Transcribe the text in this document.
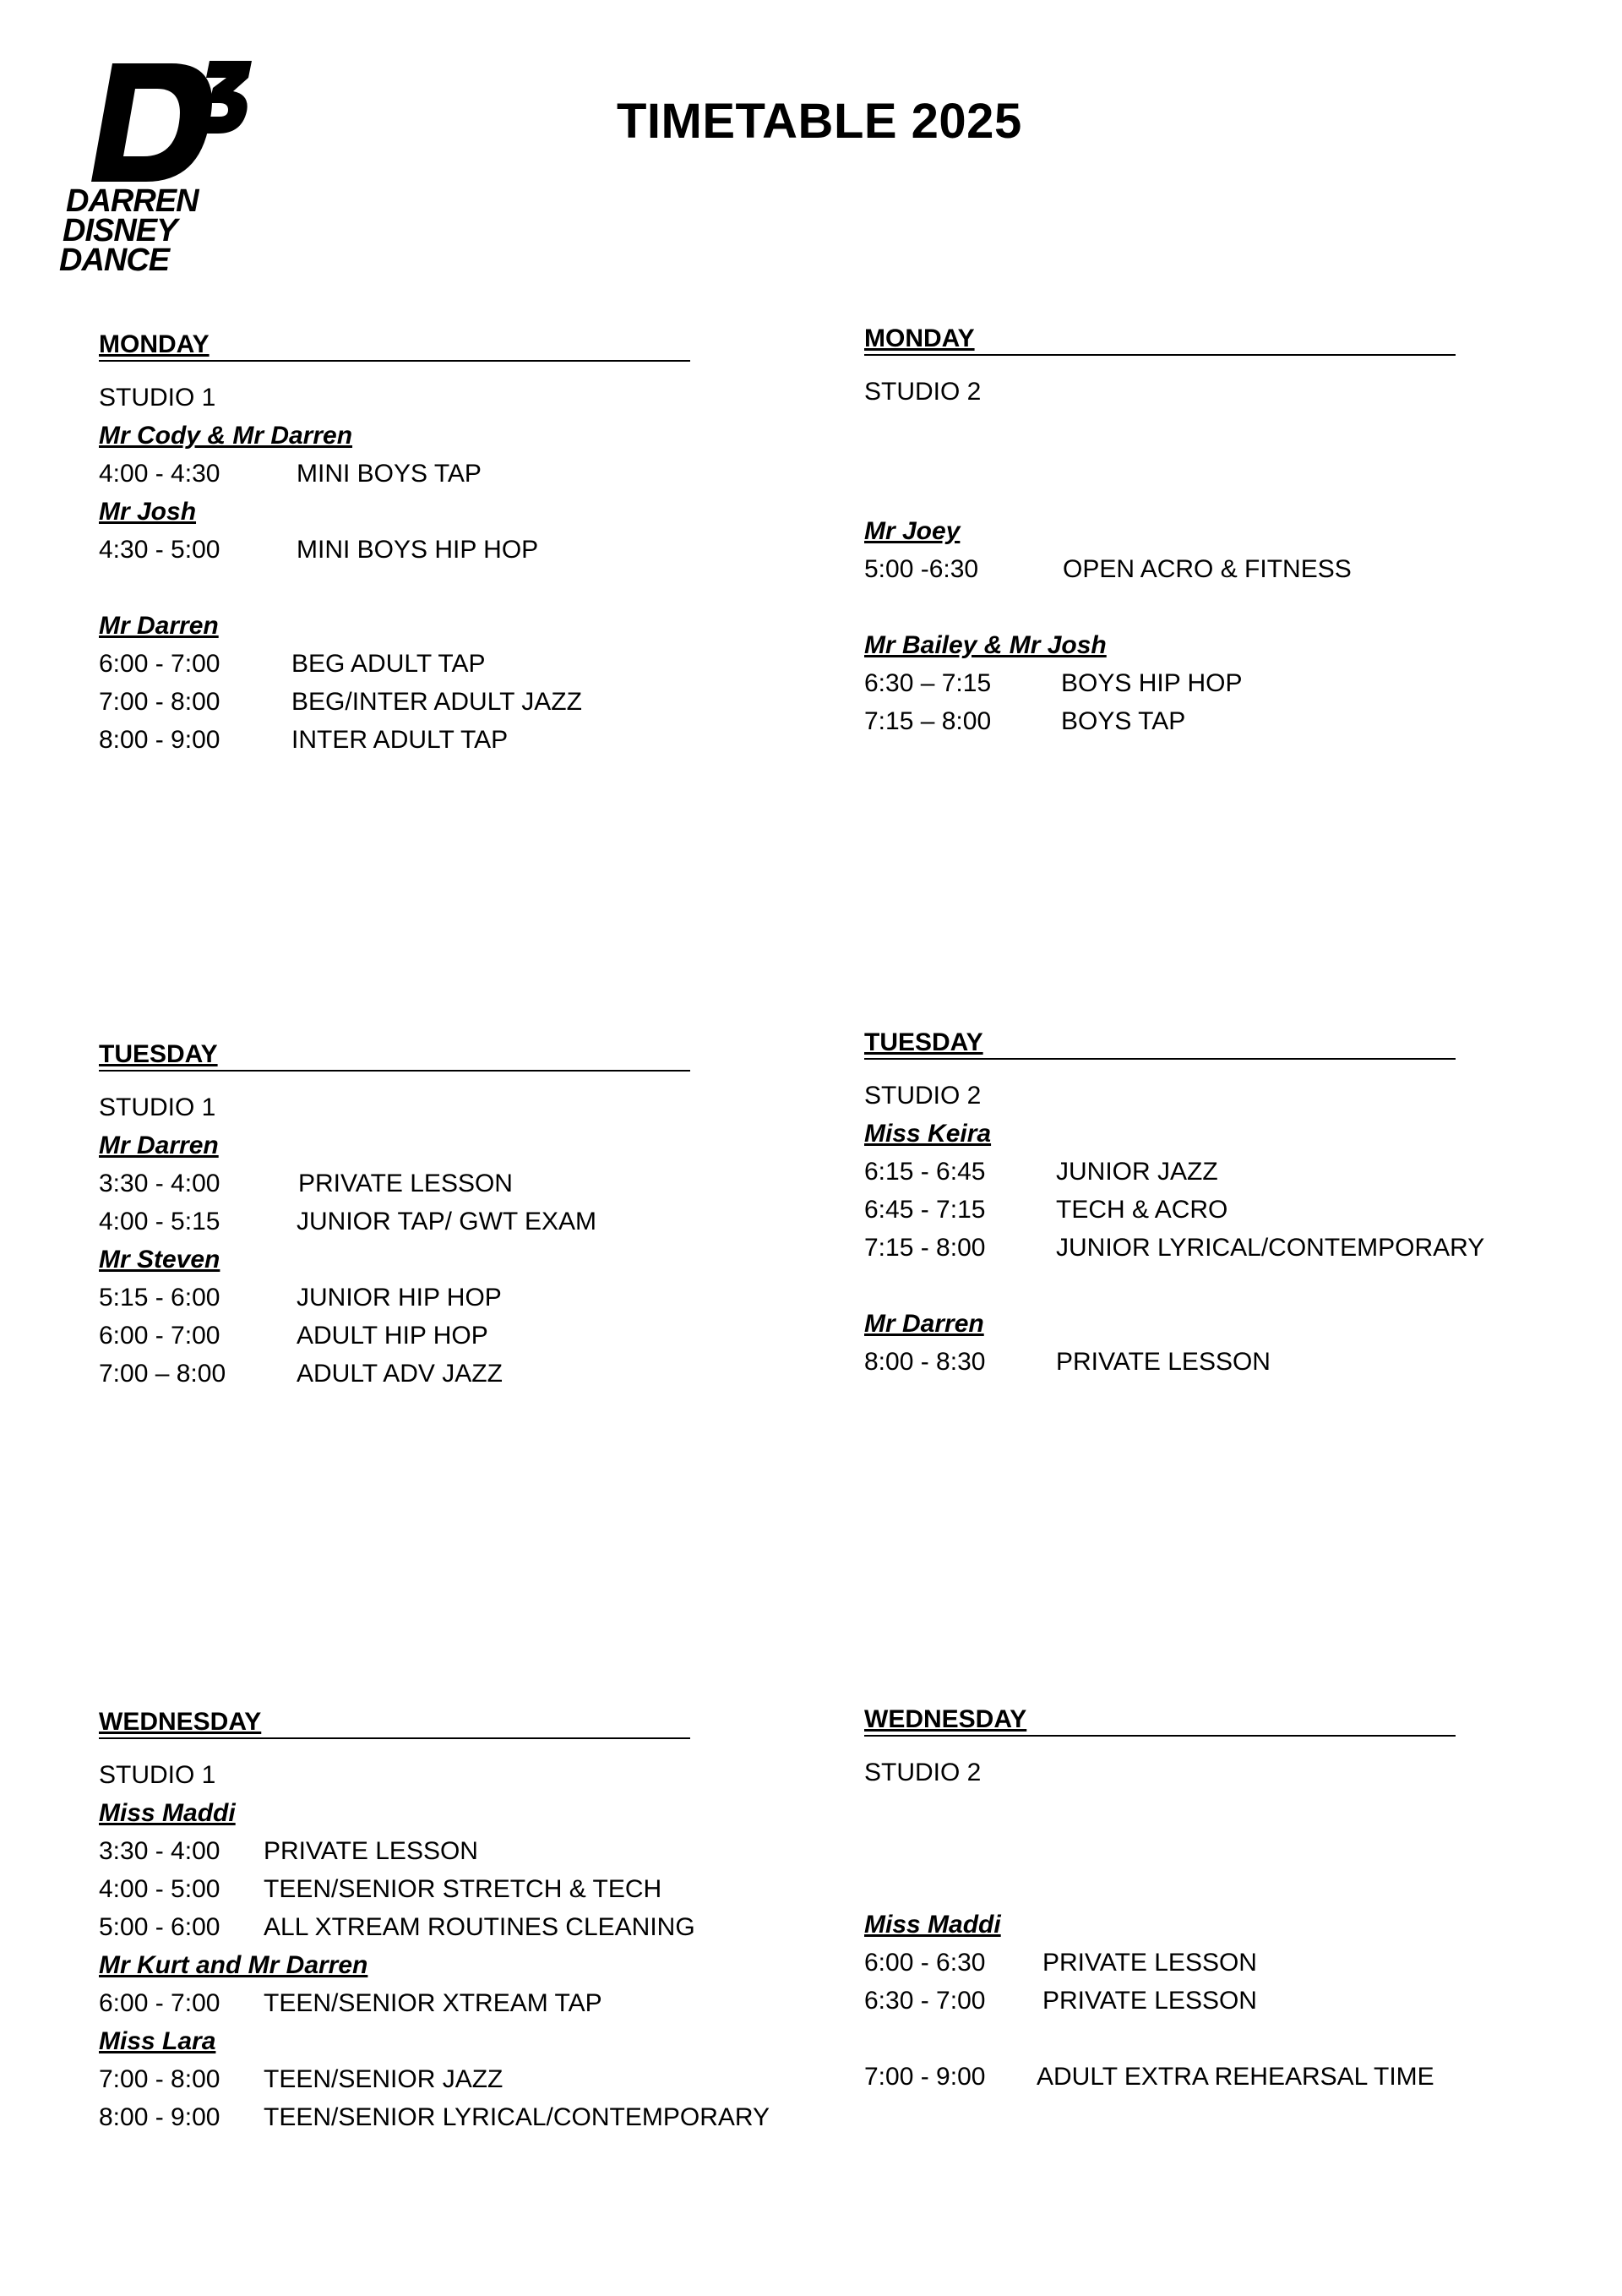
DARREN
DISNEY
DANCE
TIMETABLE 2025
MONDAY
STUDIO 1
Mr Cody & Mr Darren
4:00 - 4:30	MINI BOYS TAP
Mr Josh
4:30 - 5:00	MINI BOYS HIP HOP
Mr Darren
6:00 - 7:00	BEG ADULT TAP
7:00 - 8:00	BEG/INTER ADULT JAZZ
8:00 - 9:00	INTER ADULT TAP
MONDAY
STUDIO 2
Mr Joey
5:00 -6:30	OPEN ACRO & FITNESS
Mr Bailey & Mr Josh
6:30 – 7:15	BOYS HIP HOP
7:15 – 8:00	BOYS TAP
TUESDAY
STUDIO 1
Mr Darren
3:30 - 4:00	PRIVATE LESSON
4:00 - 5:15	JUNIOR TAP/ GWT EXAM
Mr Steven
5:15 - 6:00	JUNIOR HIP HOP
6:00 - 7:00	ADULT HIP HOP
7:00 – 8:00	ADULT ADV JAZZ
TUESDAY
STUDIO 2
Miss Keira
6:15 - 6:45	JUNIOR JAZZ
6:45 - 7:15	TECH & ACRO
7:15 - 8:00	JUNIOR LYRICAL/CONTEMPORARY
Mr Darren
8:00 - 8:30	PRIVATE LESSON
WEDNESDAY
STUDIO 1
Miss Maddi
3:30 - 4:00 PRIVATE LESSON
4:00 - 5:00 TEEN/SENIOR STRETCH & TECH
5:00 - 6:00 ALL XTREAM ROUTINES CLEANING
Mr Kurt and Mr Darren
6:00 - 7:00 TEEN/SENIOR XTREAM TAP
Miss Lara
7:00 - 8:00 TEEN/SENIOR JAZZ
8:00 - 9:00 TEEN/SENIOR LYRICAL/CONTEMPORARY
WEDNESDAY
STUDIO 2
Miss Maddi
6:00 - 6:30 PRIVATE LESSON
6:30 - 7:00 PRIVATE LESSON
7:00 - 9:00 ADULT EXTRA REHEARSAL TIME
